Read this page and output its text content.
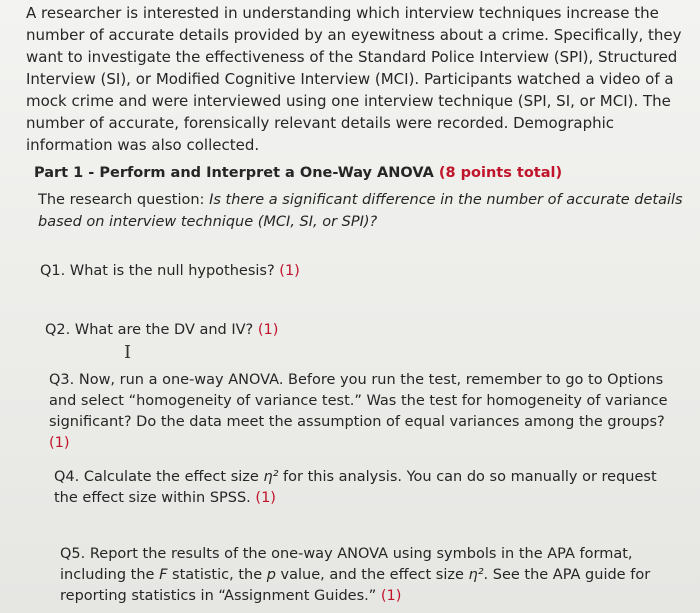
A researcher is interested in understanding which interview techniques increase the number of accurate details provided by an eyewitness about a crime. Specifically, they want to investigate the effectiveness of the Standard Police Interview (SPI), Structured Interview (SI), or Modified Cognitive Interview (MCI). Participants watched a video of a mock crime and were interviewed using one interview technique (SPI, SI, or MCI). The number of accurate, forensically relevant details were recorded. Demographic information was also collected.

Part 1 - Perform and Interpret a One-Way ANOVA (8 points total)

The research question: Is there a significant difference in the number of accurate details based on interview technique (MCI, SI, or SPI)?

Q1. What is the null hypothesis? (1)

Q2. What are the DV and IV? (1)

I

Q3. Now, run a one-way ANOVA. Before you run the test, remember to go to Options and select “homogeneity of variance test.” Was the test for homogeneity of variance significant? Do the data meet the assumption of equal variances among the groups? (1)

Q4. Calculate the effect size η² for this analysis. You can do so manually or request the effect size within SPSS. (1)

Q5. Report the results of the one-way ANOVA using symbols in the APA format, including the F statistic, the p value, and the effect size η². See the APA guide for reporting statistics in “Assignment Guides.” (1)
